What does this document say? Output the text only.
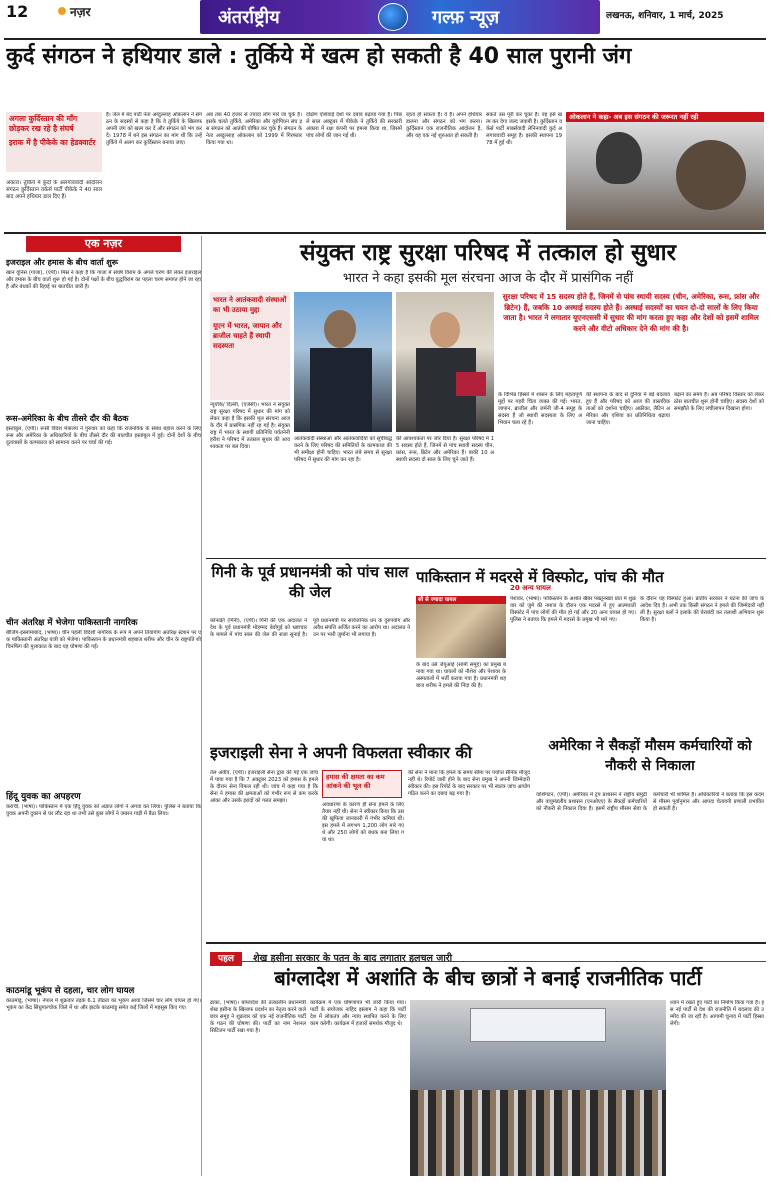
12	नज़र	अंतर्राष्ट्रीय	गल्फ़ न्यूज़	लखनऊ, शनिवार, 1 मार्च, 2025
कुर्द संगठन ने हथियार डाले : तुर्किये में खत्म हो सकती है 40 साल पुरानी जंग
अगला कुर्दिस्तान की माँग छोड़कर रख रहे है संघर्ष
इराक में है पीकेके का हेडक्वार्टर
अंकारा। तुर्किये में कुर्दों के अलगाववादी आंदोलन संगठन कुर्दिस्तान वर्कर्स पार्टी पीकेके ने 40 साल बाद अपने हथियार डाल दिए हैं।
है। जेल में बंद पार्टी नेता अब्दुल्लाह ओकलान ने संगठन के सदस्यों से कहा है कि वे तुर्किये के खिलाफ अपनी जंग को खत्म कर दें और संगठन को भंग कर दें। 1978 में बने इस संगठन का मांग थी कि उन्हें तुर्किये में अलग कर कुर्दिस्तान बनाया जाए।
अब तक 40 हजार से ज्यादा लोग मारे जा चुके हैं। इसके चलते तुर्किये, अमेरिका और यूरोपियन संघ इस संगठन को आतंकी घोषित कर चुके हैं। संगठन के नेता अब्दुल्लाह ओकलान को 1999 में गिरफ्तार किया गया था।
दक्षिण एशियाई देशों पर दबाव बढ़ाया गया है। पिछले साल अक्टूबर में पीकेके ने तुर्किये की सरकारी अंकारा में रक्षा कंपनी पर हमला किया था, जिसमें पांच लोगों की जान गई थी।
रहता हो सकता है। वे हैं। अपने हथियार डालना और संगठन को भंग करना। कुर्दिस्तान एक राजनीतिक आंदोलन है, और यह एक नई शुरुआत हो सकती है।
सकते उस पूरी कर चुका है। वह इसे खत्म कर देगा जल्द जवाबी है। कुर्दिस्तान वर्कर्स पार्टी मार्क्सवादी लेनिनवादी कुर्द अलगाववादी समूह है। इसकी स्थापना 1978 में हुई थी।
ओकलान ने कहा- अब इस संगठन की जरूरत नहीं रही
एक नज़र
इजराइल और हमास के बीच वार्ता शुरू
खान यूनिस (गाजा), (एपी)। मिस्र ने कहा है कि गाजा में संघर्ष विराम के अगले चरण की लेकर इजराइल और हमास के बीच वार्ता शुरू हो गई है। दोनों पक्षों के बीच युद्धविराम का पहला चरण समाप्त होने जा रहा है और बंधकों की रिहाई पर बातचीत जारी है।
रूस-अमेरिका के बीच तीसरे दौर की बैठक
इस्तांबुल, (एपी)। रूसी विदेश मंत्रालय ने गुरुवार को कहा कि राजनयिक के संबंध बहाल करने के लिए रूस और अमेरिका के अधिकारियों के बीच तीसरे दौर की बातचीत इस्तांबुल में हुई। दोनों देशों के बीच दूतावासों के कामकाज को सामान्य करने पर चर्चा की गई।
चीन अंतरिक्ष में भेजेगा पाकिस्तानी नागरिक
बीजिंग-इस्लामाबाद, (भाषा)। चीन पहली विदेशी नागरिक के रूप में अपने तियांगोंग अंतरिक्ष स्टेशन पर एक पाकिस्तानी अंतरिक्ष यात्री को भेजेगा। पाकिस्तान के प्रधानमंत्री शहबाज शरीफ और चीन के राष्ट्रपति शी चिनफिंग की मुलाकात के बाद यह घोषणा की गई।
हिंदू युवक का अपहरण
कराची, (भाषा)। पाकिस्तान में एक हिंदू युवक को अज्ञात लोगों ने अगवा कर लिया। पुलिस ने बताया कि युवक अपनी दुकान से घर लौट रहा था तभी उसे कुछ लोगों ने जबरन गाड़ी में बैठा लिया।
काठमांडू भूकंप से दहला, चार लोग घायल
काठमांडू, (भाषा)। नेपाल में शुक्रवार तड़के 6.1 तीव्रता का भूकंप आया जिसमें चार लोग घायल हो गए। भूकंप का केंद्र सिंधुपाल्चोक जिले में था और झटके काठमांडू समेत कई जिलों में महसूस किए गए।
संयुक्त राष्ट्र सुरक्षा परिषद में तत्काल हो सुधार
भारत ने कहा इसकी मूल संरचना आज के दौर में प्रासंगिक नहीं
भारत ने आतंकवादी संस्थाओं का भी उठाया मुद्दा
यूएन में भारत, जापान और ब्राजील चाहते हैं स्थायी सदस्यता
न्यूयॉर्क/ दिल्ली, (एजेंसी)। भारत ने संयुक्त राष्ट्र सुरक्षा परिषद में सुधार की मांग को लेकर कहा है कि इसकी मूल संरचना आज के दौर में प्रासंगिक नहीं रह गई है। संयुक्त राष्ट्र में भारत के स्थायी प्रतिनिधि पर्वतनेनी हरीश ने परिषद में तत्काल सुधार की आवश्यकता पर बल दिया।
सुरक्षा परिषद में 15 सदस्य होते हैं, जिनमें से पांच स्थायी सदस्य (चीन, अमेरिका, रूस, फ्रांस और ब्रिटेन) हैं, जबकि 10 अस्थाई सदस्य होते हैं। अस्थाई सदस्यों का चयन दो-दो सालों के लिए किया जाता है। भारत ने लगातार यूएनएससी में सुधार की मांग करता हुए कहा और देशों को इसमें शामिल करने और वीटो अधिकार देने की मांग की है।
आतंकवादी संस्थाओं और आतंकवादियों को सूचीबद्ध करने के लिए परिषद की समितियों के कामकाज की भी समीक्षा होनी चाहिए। भारत लंबे समय से सुरक्षा परिषद में सुधार की मांग कर रहा है।
की आवश्यकता पर जोर दिया है। सुरक्षा परिषद में 15 सदस्य होते हैं, जिनमें से पांच स्थायी सदस्य चीन, फ्रांस, रूस, ब्रिटेन और अमेरिका हैं। बाकी 10 अस्थायी सदस्य दो साल के लिए चुने जाते हैं।
के विभिन्न हिस्सों में शासन के लिए महत्वपूर्ण मुद्दों पर गहरी चिंता व्यक्त की गई। भारत, जापान, ब्राजील और जर्मनी जी-4 समूह के सदस्य हैं जो स्थायी सदस्यता के लिए अभियान चला रहे हैं।
की स्थापना के बाद से दुनिया में बड़े बदलाव हुए हैं और परिषद को आज की वास्तविकताओं को दर्शाना चाहिए। अफ्रीका, लैटिन अमेरिका और एशिया का प्रतिनिधित्व बढ़ाया जाना चाहिए।
बढ़ाने का समय है। अब परिषद विस्तार को लेकर ठोस बातचीत शुरू होनी चाहिए। सदस्य देशों को समझौते के लिए लचीलापन दिखाना होगा।
गिनी के पूर्व प्रधानमंत्री को पांच साल की जेल
कोनाक्री (गिनी), (एपी)। गिनी की एक अदालत ने देश के पूर्व प्रधानमंत्री मोहम्मद बेवोगुई को भ्रष्टाचार के मामले में पांच साल की जेल की सजा सुनाई है। पूर्व प्रधानमंत्री पर सार्वजनिक धन के दुरुपयोग और अवैध संपत्ति अर्जित करने का आरोप था। अदालत ने उन पर भारी जुर्माना भी लगाया है।
पाकिस्तान में मदरसे में विस्फोट, पांच की मौत
सौ से ज्यादा घायल	पेशावर, (भाषा)। पाकिस्तान के अशांत खैबर पख्तूनख्वा प्रांत में शुक्रवार को जुमे की नमाज के दौरान एक मदरसे में हुए आत्मघाती विस्फोट में पांच लोगों की मौत हो गई और 20 अन्य घायल हो गए। पुलिस ने बताया कि हमले में मदरसे के प्रमुख भी मारे गए।
के बाद उसे जेयूआई (सामी समूह) का प्रमुख बनाया गया था। घायलों को नौशेरा और पेशावर के अस्पतालों में भर्ती कराया गया है। प्रधानमंत्री शहबाज शरीफ ने हमले की निंदा की है।
के दौरान यह विस्फोट हुआ। प्रांतीय सरकार ने घटना की जांच के आदेश दिए हैं। अभी तक किसी संगठन ने हमले की जिम्मेदारी नहीं ली है। सुरक्षा बलों ने इलाके की घेराबंदी कर तलाशी अभियान शुरू किया है।
20 अन्य घायल
इजराइली सेना ने अपनी विफलता स्वीकार की
हमास की क्षमता का कम आंकने की भूल की
तेल अवीव, (एपी)। इजराइली सेना द्वारा की गई एक जांच में पाया गया है कि 7 अक्टूबर 2023 को हमास के हमले के दौरान सेना विफल रही थी। जांच में कहा गया है कि सेना ने हमास की क्षमताओं को गंभीर रूप से कम करके आंका और उसके इरादों को गलत समझा।
अवधारणा के कारण ही सेना हमले के लिए तैयार नहीं थी। सेना ने स्वीकार किया कि उसकी खुफिया जानकारी में गंभीर कमियां थीं। इस हमले में लगभग 1,200 लोग मारे गए थे और 250 लोगों को बंधक बना लिया गया था।
की सेना ने माना कि हमले के समय सीमा पर पर्याप्त सैनिक मौजूद नहीं थे। रिपोर्ट जारी होने के बाद सेना प्रमुख ने अपनी जिम्मेदारी स्वीकार की। इस रिपोर्ट के बाद सरकार पर भी स्वतंत्र जांच आयोग गठित करने का दबाव बढ़ गया है।
अमेरिका ने सैकड़ों मौसम कर्मचारियों को नौकरी से निकाला
वाशिंगटन, (एपी)। अमेरिका में ट्रंप प्रशासन ने राष्ट्रीय समुद्री और वायुमंडलीय प्रशासन (एनओएए) के सैकड़ों कर्मचारियों को नौकरी से निकाल दिया है। इसमें राष्ट्रीय मौसम सेवा के कर्मचारी भी शामिल हैं। अधिकारियों ने बताया कि इस कदम से मौसम पूर्वानुमान और आपदा चेतावनी प्रणाली प्रभावित हो सकती है।
पहल शेख हसीना सरकार के पतन के बाद लगातार हलचल जारी
बांग्लादेश में अशांति के बीच छात्रों ने बनाई राजनीतिक पार्टी
ढाका, (भाषा)। बांग्लादेश की तत्कालीन प्रधानमंत्री शेख हसीना के खिलाफ प्रदर्शन का नेतृत्व करने वाले छात्र समूह ने शुक्रवार को एक नई राजनीतिक पार्टी के गठन की घोषणा की। पार्टी का नाम नेशनल सिटिजन पार्टी रखा गया है।
कार्यक्रम में एक घोषणापत्र भी जारी किया गया। पार्टी के संयोजक नाहिद इस्लाम ने कहा कि पार्टी देश में लोकतंत्र और न्याय स्थापित करने के लिए काम करेगी। कार्यक्रम में हजारों समर्थक मौजूद थे।
ध्यान में रखते हुए पार्टी का निर्माण किया गया है। इस नई पार्टी से देश की राजनीति में बदलाव की उम्मीद की जा रही है। आगामी चुनाव में पार्टी हिस्सा लेगी।
